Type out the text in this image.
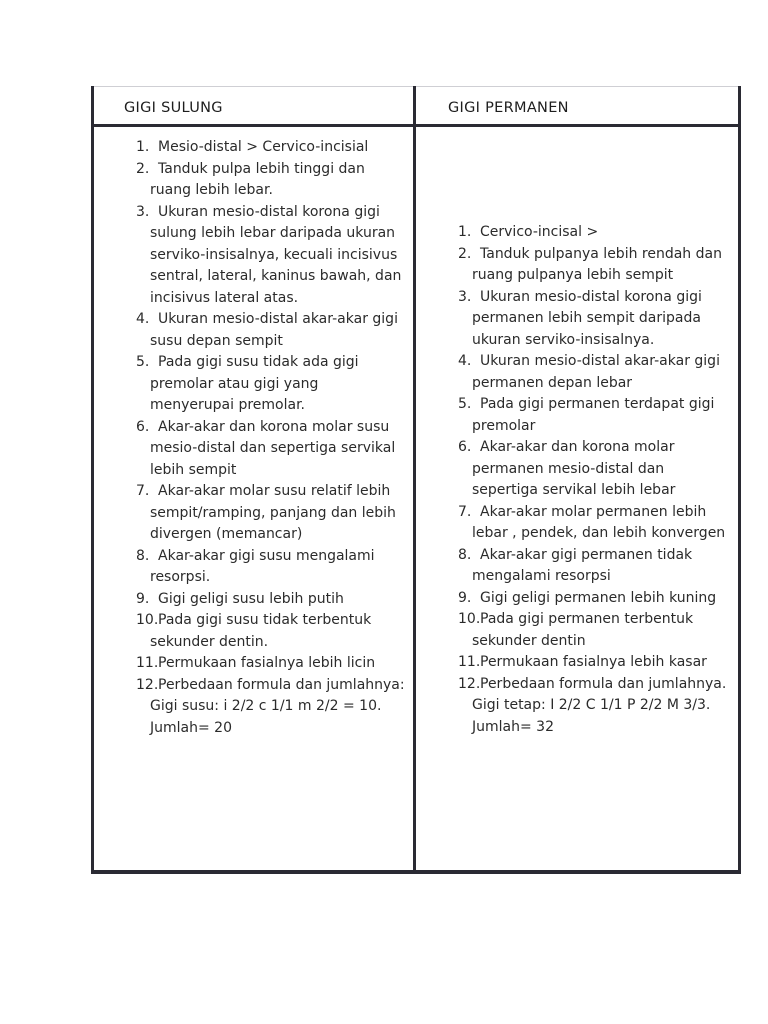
GIGI SULUNG	GIGI PERMANEN
1. Mesio-distal > Cervico-incisial
2. Tanduk pulpa lebih tinggi dan ruang lebih lebar.
3. Ukuran mesio-distal korona gigi sulung lebih lebar daripada ukuran serviko-insisalnya, kecuali incisivus sentral, lateral, kaninus bawah, dan incisivus lateral atas.
4. Ukuran mesio-distal akar-akar gigi susu depan sempit
5. Pada gigi susu tidak ada gigi premolar atau gigi yang menyerupai premolar.
6. Akar-akar dan korona molar susu mesio-distal dan sepertiga servikal lebih sempit
7. Akar-akar molar susu relatif lebih sempit/ramping, panjang dan lebih divergen (memancar)
8. Akar-akar gigi susu mengalami resorpsi.
9. Gigi geligi susu lebih putih
10. Pada gigi susu tidak terbentuk sekunder dentin.
11. Permukaan fasialnya lebih licin
12. Perbedaan formula dan jumlahnya: Gigi susu: i 2/2 c 1/1 m 2/2 = 10. Jumlah= 20
1. Cervico-incisal >
2. Tanduk pulpanya lebih rendah dan ruang pulpanya lebih sempit
3. Ukuran mesio-distal korona gigi permanen lebih sempit daripada ukuran serviko-insisalnya.
4. Ukuran mesio-distal akar-akar gigi permanen depan lebar
5. Pada gigi permanen terdapat gigi premolar
6. Akar-akar dan korona molar permanen mesio-distal dan sepertiga servikal lebih lebar
7. Akar-akar molar permanen lebih lebar , pendek, dan lebih konvergen
8. Akar-akar gigi permanen tidak mengalami resorpsi
9. Gigi geligi permanen lebih kuning
10. Pada gigi permanen terbentuk sekunder dentin
11. Permukaan fasialnya lebih kasar
12. Perbedaan formula dan jumlahnya. Gigi tetap: I 2/2 C 1/1 P 2/2 M 3/3. Jumlah= 32
